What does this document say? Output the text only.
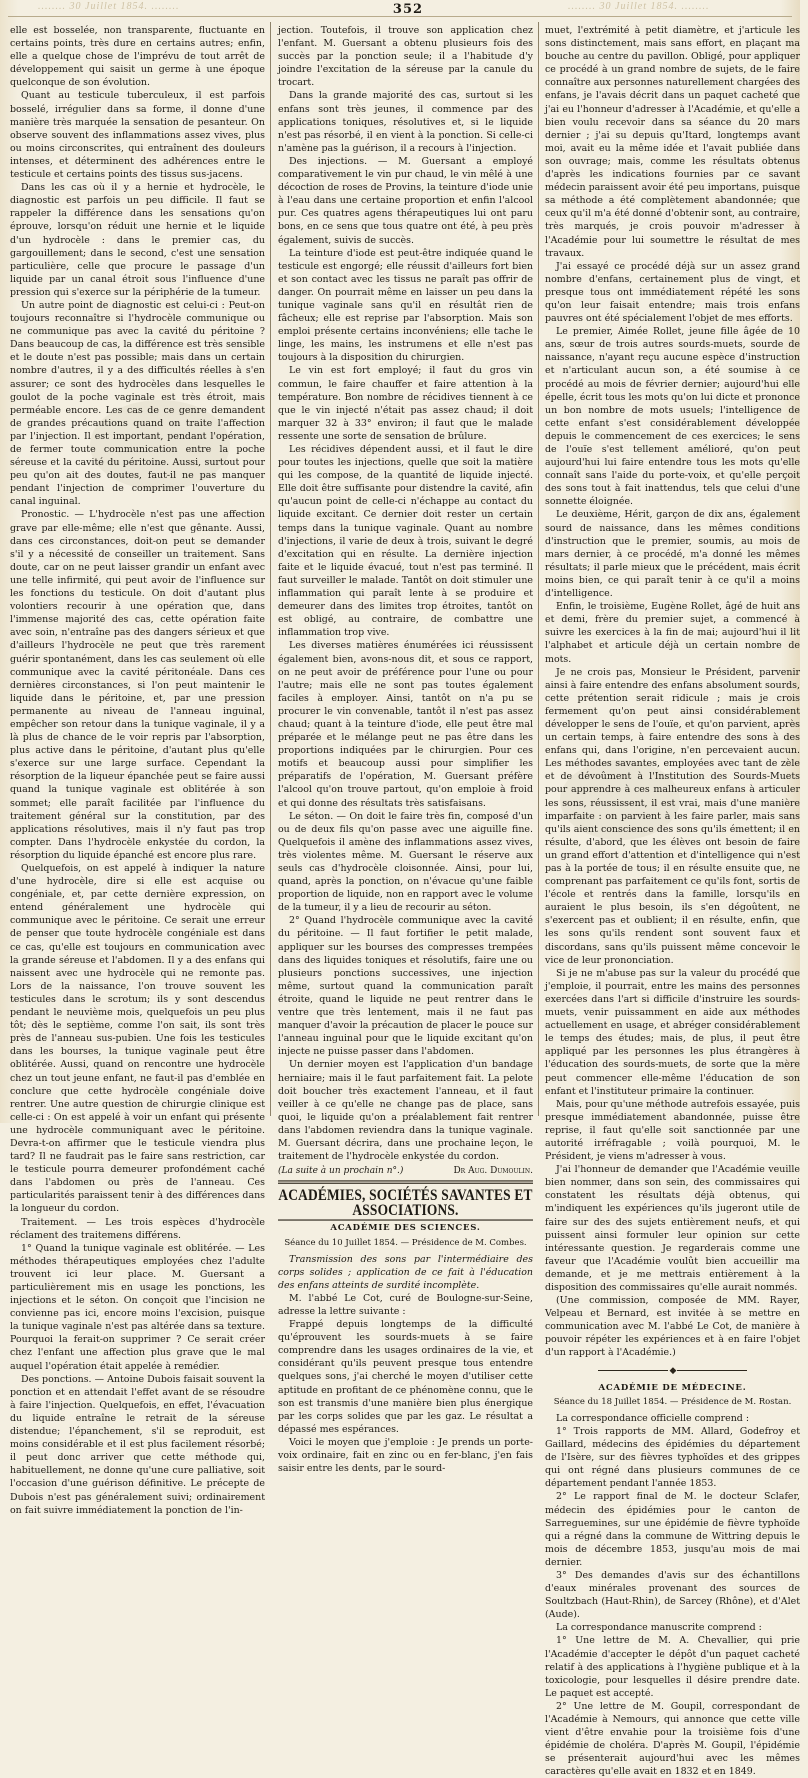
........ 30 Juillet 1854. ........	........ 30 Juillet 1854. ........
352

elle est bosselée, non transparente, fluctuante en certains points, très dure en certains autres; enfin, elle a quelque chose de l'imprévu de tout arrêt de développement qui saisit un germe à une époque quelconque de son évolution.

Quant au testicule tuberculeux, il est parfois bosselé, irrégulier dans sa forme, il donne d'une manière très marquée la sensation de pesanteur. On observe souvent des inflammations assez vives, plus ou moins circonscrites, qui entraînent des douleurs intenses, et déterminent des adhérences entre le testicule et certains points des tissus sus-jacens.

Dans les cas où il y a hernie et hydrocèle, le diagnostic est parfois un peu difficile. Il faut se rappeler la différence dans les sensations qu'on éprouve, lorsqu'on réduit une hernie et le liquide d'un hydrocèle : dans le premier cas, du gargouillement; dans le second, c'est une sensation particulière, celle que procure le passage d'un liquide par un canal étroit sous l'influence d'une pression qui s'exerce sur la périphérie de la tumeur.

Un autre point de diagnostic est celui-ci : Peut-on toujours reconnaître si l'hydrocèle communique ou ne communique pas avec la cavité du péritoine ? Dans beaucoup de cas, la différence est très sensible et le doute n'est pas possible; mais dans un certain nombre d'autres, il y a des difficultés réelles à s'en assurer; ce sont des hydrocèles dans lesquelles le goulot de la poche vaginale est très étroit, mais perméable encore. Les cas de ce genre demandent de grandes précautions quand on traite l'affection par l'injection. Il est important, pendant l'opération, de fermer toute communication entre la poche séreuse et la cavité du péritoine. Aussi, surtout pour peu qu'on ait des doutes, faut-il ne pas manquer pendant l'injection de comprimer l'ouverture du canal inguinal.

Pronostic. — L'hydrocèle n'est pas une affection grave par elle-même; elle n'est que gênante. Aussi, dans ces circonstances, doit-on peut se demander s'il y a nécessité de conseiller un traitement. Sans doute, car on ne peut laisser grandir un enfant avec une telle infirmité, qui peut avoir de l'influence sur les fonctions du testicule. On doit d'autant plus volontiers recourir à une opération que, dans l'immense majorité des cas, cette opération faite avec soin, n'entraîne pas des dangers sérieux et que d'ailleurs l'hydrocèle ne peut que très rarement guérir spontanément, dans les cas seulement où elle communique avec la cavité péritonéale. Dans ces dernières circonstances, si l'on peut maintenir le liquide dans le péritoine, et, par une pression permanente au niveau de l'anneau inguinal, empêcher son retour dans la tunique vaginale, il y a là plus de chance de le voir repris par l'absorption, plus active dans le péritoine, d'autant plus qu'elle s'exerce sur une large surface. Cependant la résorption de la liqueur épanchée peut se faire aussi quand la tunique vaginale est oblitérée à son sommet; elle paraît facilitée par l'influence du traitement général sur la constitution, par des applications résolutives, mais il n'y faut pas trop compter. Dans l'hydrocèle enkystée du cordon, la résorption du liquide épanché est encore plus rare.

Quelquefois, on est appelé à indiquer la nature d'une hydrocèle, dire si elle est acquise ou congéniale, et, par cette dernière expression, on entend généralement une hydrocèle qui communique avec le péritoine. Ce serait une erreur de penser que toute hydrocèle congéniale est dans ce cas, qu'elle est toujours en communication avec la grande séreuse et l'abdomen. Il y a des enfans qui naissent avec une hydrocèle qui ne remonte pas. Lors de la naissance, l'on trouve souvent les testicules dans le scrotum; ils y sont descendus pendant le neuvième mois, quelquefois un peu plus tôt; dès le septième, comme l'on sait, ils sont très près de l'anneau sus-pubien. Une fois les testicules dans les bourses, la tunique vaginale peut être oblitérée. Aussi, quand on rencontre une hydrocèle chez un tout jeune enfant, ne faut-il pas d'emblée en conclure que cette hydrocèle congéniale doive rentrer. Une autre question de chirurgie clinique est celle-ci : On est appelé à voir un enfant qui présente une hydrocèle communiquant avec le péritoine. Devra-t-on affirmer que le testicule viendra plus tard? Il ne faudrait pas le faire sans restriction, car le testicule pourra demeurer profondément caché dans l'abdomen ou près de l'anneau. Ces particularités paraissent tenir à des différences dans la longueur du cordon.

Traitement. — Les trois espèces d'hydrocèle réclament des traitemens différens.

1° Quand la tunique vaginale est oblitérée. — Les méthodes thérapeutiques employées chez l'adulte trouvent ici leur place. M. Guersant a particulièrement mis en usage les ponctions, les injections et le séton. On conçoit que l'incision ne convienne pas ici, encore moins l'excision, puisque la tunique vaginale n'est pas altérée dans sa texture. Pourquoi la ferait-on supprimer ? Ce serait créer chez l'enfant une affection plus grave que le mal auquel l'opération était appelée à remédier.

Des ponctions. — Antoine Dubois faisait souvent la ponction et en attendait l'effet avant de se résoudre à faire l'injection. Quelquefois, en effet, l'évacuation du liquide entraîne le retrait de la séreuse distendue; l'épanchement, s'il se reproduit, est moins considérable et il est plus facilement résorbé; il peut donc arriver que cette méthode qui, habituellement, ne donne qu'une cure palliative, soit l'occasion d'une guérison définitive. Le précepte de Dubois n'est pas généralement suivi; ordinairement on fait suivre immédiatement la ponction de l'in-

jection. Toutefois, il trouve son application chez l'enfant. M. Guersant a obtenu plusieurs fois des succès par la ponction seule; il a l'habitude d'y joindre l'excitation de la séreuse par la canule du trocart.

Dans la grande majorité des cas, surtout si les enfans sont très jeunes, il commence par des applications toniques, résolutives et, si le liquide n'est pas résorbé, il en vient à la ponction. Si celle-ci n'amène pas la guérison, il a recours à l'injection.

Des injections. — M. Guersant a employé comparativement le vin pur chaud, le vin mêlé à une décoction de roses de Provins, la teinture d'iode unie à l'eau dans une certaine proportion et enfin l'alcool pur. Ces quatres agens thérapeutiques lui ont paru bons, en ce sens que tous quatre ont été, à peu près également, suivis de succès.

La teinture d'iode est peut-être indiquée quand le testicule est engorgé; elle réussit d'ailleurs fort bien et son contact avec les tissus ne paraît pas offrir de danger. On pourrait même en laisser un peu dans la tunique vaginale sans qu'il en résultât rien de fâcheux; elle est reprise par l'absorption. Mais son emploi présente certains inconvéniens; elle tache le linge, les mains, les instrumens et elle n'est pas toujours à la disposition du chirurgien.

Le vin est fort employé; il faut du gros vin commun, le faire chauffer et faire attention à la température. Bon nombre de récidives tiennent à ce que le vin injecté n'était pas assez chaud; il doit marquer 32 à 33° environ; il faut que le malade ressente une sorte de sensation de brûlure.

Les récidives dépendent aussi, et il faut le dire pour toutes les injections, quelle que soit la matière qui les compose, de la quantité de liquide injecté. Elle doit être suffisante pour distendre la cavité, afin qu'aucun point de celle-ci n'échappe au contact du liquide excitant. Ce dernier doit rester un certain temps dans la tunique vaginale. Quant au nombre d'injections, il varie de deux à trois, suivant le degré d'excitation qui en résulte. La dernière injection faite et le liquide évacué, tout n'est pas terminé. Il faut surveiller le malade. Tantôt on doit stimuler une inflammation qui paraît lente à se produire et demeurer dans des limites trop étroites, tantôt on est obligé, au contraire, de combattre une inflammation trop vive.

Les diverses matières énumérées ici réussissent également bien, avons-nous dit, et sous ce rapport, on ne peut avoir de préférence pour l'une ou pour l'autre; mais elle ne sont pas toutes également faciles à employer. Ainsi, tantôt on n'a pu se procurer le vin convenable, tantôt il n'est pas assez chaud; quant à la teinture d'iode, elle peut être mal préparée et le mélange peut ne pas être dans les proportions indiquées par le chirurgien. Pour ces motifs et beaucoup aussi pour simplifier les préparatifs de l'opération, M. Guersant préfère l'alcool qu'on trouve partout, qu'on emploie à froid et qui donne des résultats très satisfaisans.

Le séton. — On doit le faire très fin, composé d'un ou de deux fils qu'on passe avec une aiguille fine. Quelquefois il amène des inflammations assez vives, très violentes même. M. Guersant le réserve aux seuls cas d'hydrocèle cloisonnée. Ainsi, pour lui, quand, après la ponction, on n'évacue qu'une faible proportion de liquide, non en rapport avec le volume de la tumeur, il y a lieu de recourir au séton.

2° Quand l'hydrocèle communique avec la cavité du péritoine. — Il faut fortifier le petit malade, appliquer sur les bourses des compresses trempées dans des liquides toniques et résolutifs, faire une ou plusieurs ponctions successives, une injection même, surtout quand la communication paraît étroite, quand le liquide ne peut rentrer dans le ventre que très lentement, mais il ne faut pas manquer d'avoir la précaution de placer le pouce sur l'anneau inguinal pour que le liquide excitant qu'on injecte ne puisse passer dans l'abdomen.

Un dernier moyen est l'application d'un bandage herniaire; mais il le faut parfaitement fait. La pelote doit boucher très exactement l'anneau, et il faut veiller à ce qu'elle ne change pas de place, sans quoi, le liquide qu'on a préalablement fait rentrer dans l'abdomen reviendra dans la tunique vaginale. M. Guersant décrira, dans une prochaine leçon, le traitement de l'hydrocèle enkystée du cordon.

(La suite à un prochain n°.)	Dr Aug. Dumoulin.
ACADÉMIES, SOCIÉTÉS SAVANTES ET ASSOCIATIONS.
ACADÉMIE DES SCIENCES.
Séance du 10 Juillet 1854. — Présidence de M. Combes.

Transmission des sons par l'intermédiaire des corps solides ; application de ce fait à l'éducation des enfans atteints de surdité incomplète.

M. l'abbé Le Cot, curé de Boulogne-sur-Seine, adresse la lettre suivante :

Frappé depuis longtemps de la difficulté qu'éprouvent les sourds-muets à se faire comprendre dans les usages ordinaires de la vie, et considérant qu'ils peuvent presque tous entendre quelques sons, j'ai cherché le moyen d'utiliser cette aptitude en profitant de ce phénomène connu, que le son est transmis d'une manière bien plus énergique par les corps solides que par les gaz. Le résultat a dépassé mes espérances.

Voici le moyen que j'emploie : Je prends un porte-voix ordinaire, fait en zinc ou en fer-blanc, j'en fais saisir entre les dents, par le sourd-

muet, l'extrémité à petit diamètre, et j'articule les sons distinctement, mais sans effort, en plaçant ma bouche au centre du pavillon. Obligé, pour appliquer ce procédé à un grand nombre de sujets, de le faire connaître aux personnes naturellement chargées des enfans, je l'avais décrit dans un paquet cacheté que j'ai eu l'honneur d'adresser à l'Académie, et qu'elle a bien voulu recevoir dans sa séance du 20 mars dernier ; j'ai su depuis qu'Itard, longtemps avant moi, avait eu la même idée et l'avait publiée dans son ouvrage; mais, comme les résultats obtenus d'après les indications fournies par ce savant médecin paraissent avoir été peu importans, puisque sa méthode a été complètement abandonnée; que ceux qu'il m'a été donné d'obtenir sont, au contraire, très marqués, je crois pouvoir m'adresser à l'Académie pour lui soumettre le résultat de mes travaux.

J'ai essayé ce procédé déjà sur un assez grand nombre d'enfans, certainement plus de vingt, et presque tous ont immédiatement répété les sons qu'on leur faisait entendre; mais trois enfans pauvres ont été spécialement l'objet de mes efforts.

Le premier, Aimée Rollet, jeune fille âgée de 10 ans, sœur de trois autres sourds-muets, sourde de naissance, n'ayant reçu aucune espèce d'instruction et n'articulant aucun son, a été soumise à ce procédé au mois de février dernier; aujourd'hui elle épelle, écrit tous les mots qu'on lui dicte et prononce un bon nombre de mots usuels; l'intelligence de cette enfant s'est considérablement développée depuis le commencement de ces exercices; le sens de l'ouïe s'est tellement amélioré, qu'on peut aujourd'hui lui faire entendre tous les mots qu'elle connaît sans l'aide du porte-voix, et qu'elle perçoit des sons tout à fait inattendus, tels que celui d'une sonnette éloignée.

Le deuxième, Hérit, garçon de dix ans, également sourd de naissance, dans les mêmes conditions d'instruction que le premier, soumis, au mois de mars dernier, à ce procédé, m'a donné les mêmes résultats; il parle mieux que le précédent, mais écrit moins bien, ce qui paraît tenir à ce qu'il a moins d'intelligence.

Enfin, le troisième, Eugène Rollet, âgé de huit ans et demi, frère du premier sujet, a commencé à suivre les exercices à la fin de mai; aujourd'hui il lit l'alphabet et articule déjà un certain nombre de mots.

Je ne crois pas, Monsieur le Président, parvenir ainsi à faire entendre des enfans absolument sourds, cette prétention serait ridicule ; mais je crois fermement qu'on peut ainsi considérablement développer le sens de l'ouïe, et qu'on parvient, après un certain temps, à faire entendre des sons à des enfans qui, dans l'origine, n'en percevaient aucun. Les méthodes savantes, employées avec tant de zèle et de dévoûment à l'Institution des Sourds-Muets pour apprendre à ces malheureux enfans à articuler les sons, réussissent, il est vrai, mais d'une manière imparfaite : on parvient à les faire parler, mais sans qu'ils aient conscience des sons qu'ils émettent; il en résulte, d'abord, que les élèves ont besoin de faire un grand effort d'attention et d'intelligence qui n'est pas à la portée de tous; il en résulte ensuite que, ne comprenant pas parfaitement ce qu'ils font, sortis de l'école et rentrés dans la famille, lorsqu'ils en auraient le plus besoin, ils s'en dégoûtent, ne s'exercent pas et oublient; il en résulte, enfin, que les sons qu'ils rendent sont souvent faux et discordans, sans qu'ils puissent même concevoir le vice de leur prononciation.

Si je ne m'abuse pas sur la valeur du procédé que j'emploie, il pourrait, entre les mains des personnes exercées dans l'art si difficile d'instruire les sourds-muets, venir puissamment en aide aux méthodes actuellement en usage, et abréger considérablement le temps des études; mais, de plus, il peut être appliqué par les personnes les plus étrangères à l'éducation des sourds-muets, de sorte que la mère peut commencer elle-même l'éducation de son enfant et l'instituteur primaire la continuer.

Mais, pour qu'une méthode autrefois essayée, puis presque immédiatement abandonnée, puisse être reprise, il faut qu'elle soit sanctionnée par une autorité irréfragable ; voilà pourquoi, M. le Président, je viens m'adresser à vous.

J'ai l'honneur de demander que l'Académie veuille bien nommer, dans son sein, des commissaires qui constatent les résultats déjà obtenus, qui m'indiquent les expériences qu'ils jugeront utile de faire sur des des sujets entièrement neufs, et qui puissent ainsi formuler leur opinion sur cette intéressante question. Je regarderais comme une faveur que l'Académie voulût bien accueillir ma demande, et je me mettrais entièrement à la disposition des commissaires qu'elle aurait nommés.

(Une commission, composée de MM. Rayer, Velpeau et Bernard, est invitée à se mettre en communication avec M. l'abbé Le Cot, de manière à pouvoir répéter les expériences et à en faire l'objet d'un rapport à l'Académie.)

◆
ACADÉMIE DE MÉDECINE.
Séance du 18 Juillet 1854. — Présidence de M. Rostan.

La correspondance officielle comprend :

1° Trois rapports de MM. Allard, Godefroy et Gaillard, médecins des épidémies du département de l'Isère, sur des fièvres typhoïdes et des grippes qui ont régné dans plusieurs communes de ce département pendant l'année 1853.

2° Le rapport final de M. le docteur Sclafer, médecin des épidémies pour le canton de Sarreguemines, sur une épidémie de fièvre typhoïde qui a régné dans la commune de Wittring depuis le mois de décembre 1853, jusqu'au mois de mai dernier.

3° Des demandes d'avis sur des échantillons d'eaux minérales provenant des sources de Soultzbach (Haut-Rhin), de Sarcey (Rhône), et d'Alet (Aude).

La correspondance manuscrite comprend :

1° Une lettre de M. A. Chevallier, qui prie l'Académie d'accepter le dépôt d'un paquet cacheté relatif à des applications à l'hygiène publique et à la toxicologie, pour lesquelles il désire prendre date. Le paquet est accepté.

2° Une lettre de M. Goupil, correspondant de l'Académie à Nemours, qui annonce que cette ville vient d'être envahie pour la troisième fois d'une épidémie de choléra. D'après M. Goupil, l'épidémie se présenterait aujourd'hui avec les mêmes caractères qu'elle avait en 1832 et en 1849.
